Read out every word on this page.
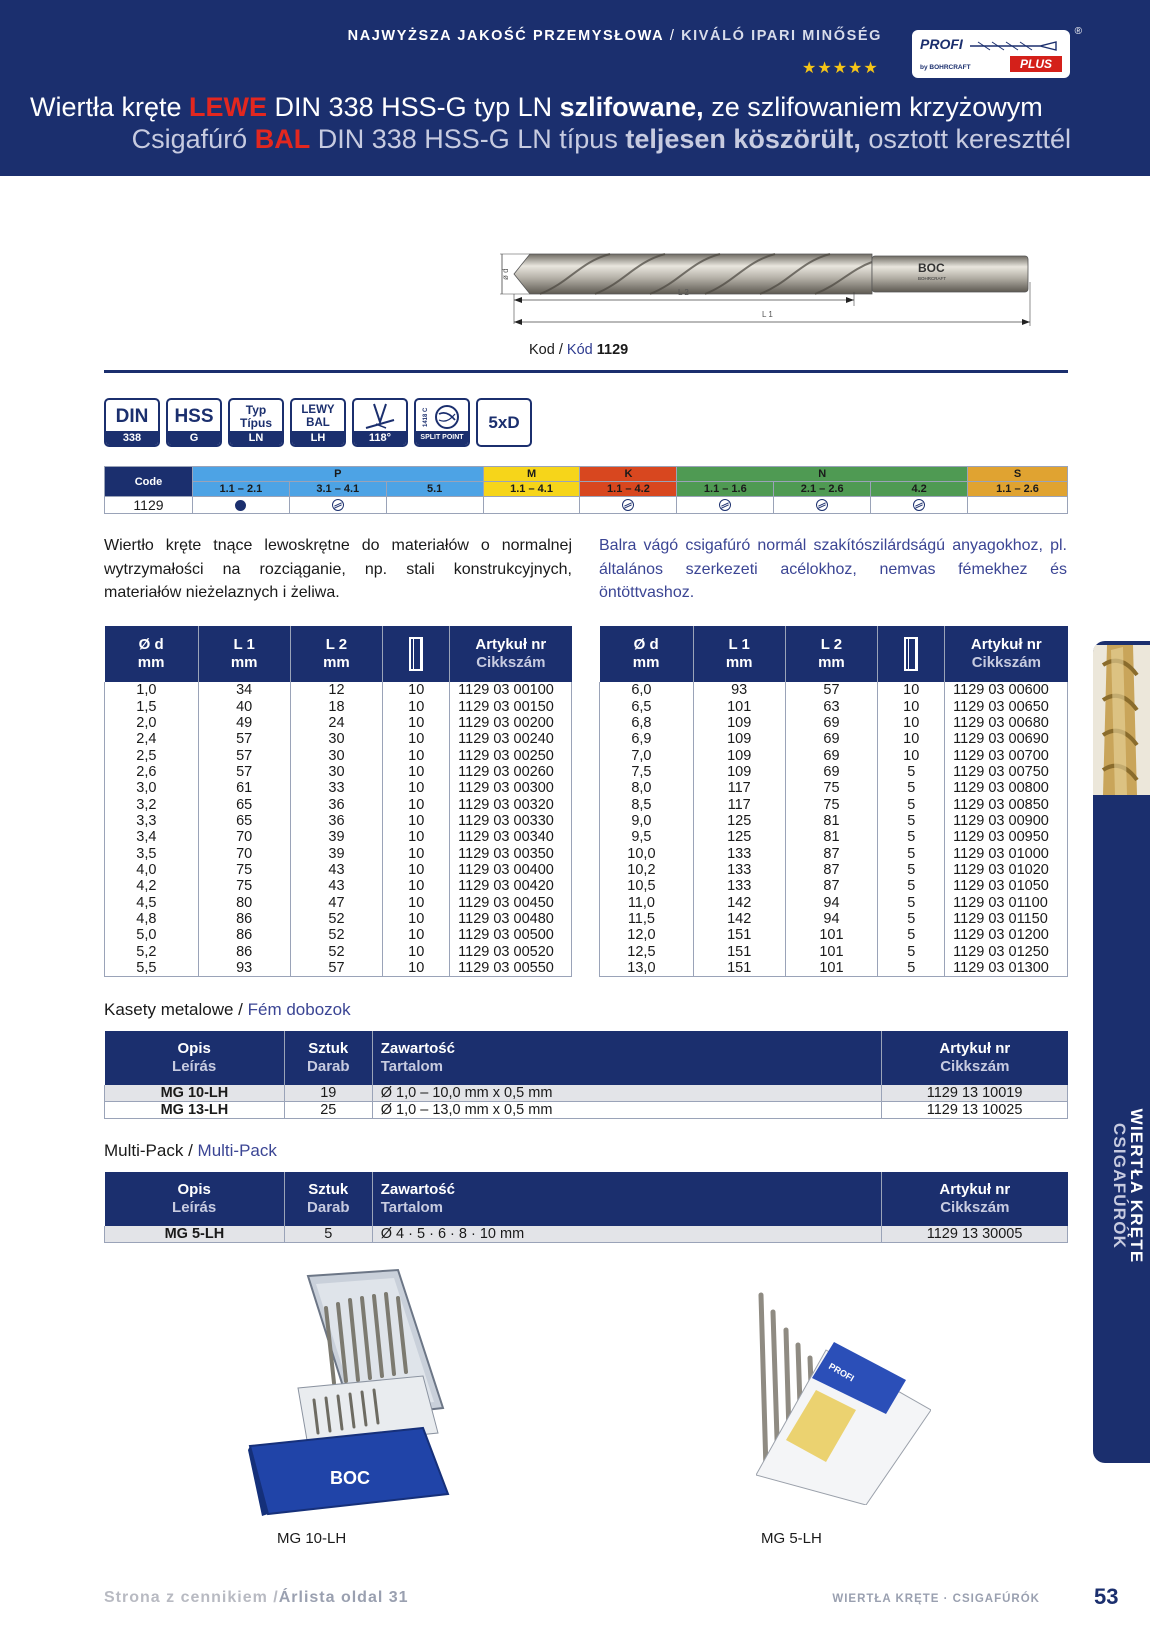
NAJWYŻSZA JAKOŚĆ PRZEMYSŁOWA / KIVÁLÓ IPARI MINŐSÉG
★★★★★
PROFI
by BOHRCRAFT	PLUS
®
Wiertła kręte LEWE DIN 338 HSS-G typ LN szlifowane, ze szlifowaniem krzyżowym
Csigafúró BAL DIN 338 HSS-G LN típus teljesen köszörült, osztott kereszttél
ø d	BOC
BOHRCRAFT
L 2
L 1
Kod / Kód 1129
DIN
338
HSS
G
Typ
Típus
LN
LEWY
BAL
LH	118°
1418 C
SPLIT POINT
5xD
Code	P			M	K	N			S
	1.1 – 2.1	3.1 – 4.1	5.1	1.1 – 4.1	1.1 – 4.2	1.1 – 1.6	2.1 – 2.6	4.2	1.1 – 2.6
1129									

Wiertło kręte tnące lewoskrętne do materiałów o normalnej wytrzymałości na rozciąganie, np. stali konstrukcyjnych, materiałów nieżelaznych i żeliwa.

Balra vágó csigafúró normál szakítószilárdságú anyagokhoz, pl. általános szerkezeti acélokhoz, nemvas fémekhez és öntöttvashoz.

Ø d
mm	L 1
mm	L 2
mm		Artykuł nr
Cikkszám
1,0	34	12	10	1129 03 00100
1,5	40	18	10	1129 03 00150
2,0	49	24	10	1129 03 00200
2,4	57	30	10	1129 03 00240
2,5	57	30	10	1129 03 00250
2,6	57	30	10	1129 03 00260
3,0	61	33	10	1129 03 00300
3,2	65	36	10	1129 03 00320
3,3	65	36	10	1129 03 00330
3,4	70	39	10	1129 03 00340
3,5	70	39	10	1129 03 00350
4,0	75	43	10	1129 03 00400
4,2	75	43	10	1129 03 00420
4,5	80	47	10	1129 03 00450
4,8	86	52	10	1129 03 00480
5,0	86	52	10	1129 03 00500
5,2	86	52	10	1129 03 00520
5,5	93	57	10	1129 03 00550
Ø d
mm	L 1
mm	L 2
mm		Artykuł nr
Cikkszám
6,0	93	57	10	1129 03 00600
6,5	101	63	10	1129 03 00650
6,8	109	69	10	1129 03 00680
6,9	109	69	10	1129 03 00690
7,0	109	69	10	1129 03 00700
7,5	109	69	5	1129 03 00750
8,0	117	75	5	1129 03 00800
8,5	117	75	5	1129 03 00850
9,0	125	81	5	1129 03 00900
9,5	125	81	5	1129 03 00950
10,0	133	87	5	1129 03 01000
10,2	133	87	5	1129 03 01020
10,5	133	87	5	1129 03 01050
11,0	142	94	5	1129 03 01100
11,5	142	94	5	1129 03 01150
12,0	151	101	5	1129 03 01200
12,5	151	101	5	1129 03 01250
13,0	151	101	5	1129 03 01300
Kasety metalowe / Fém dobozok
Opis
Leírás	Sztuk
Darab	Zawartość
Tartalom	Artykuł nr
Cikkszám
MG 10-LH	19	Ø 1,0 – 10,0 mm x 0,5 mm	1129 13 10019
MG 13-LH	25	Ø 1,0 – 13,0 mm x 0,5 mm	1129 13 10025
Multi-Pack / Multi-Pack
Opis
Leírás	Sztuk
Darab	Zawartość
Tartalom	Artykuł nr
Cikkszám
MG 5-LH	5	Ø 4 · 5 · 6 · 8 · 10 mm	1129 13 30005
BOC
PROFI
MG 10-LH	MG 5-LH
WIERTŁA KRĘTE
CSIGAFÚRÓK
Strona z cennikiem /Árlista oldal 31	WIERTŁA KRĘTE · CSIGAFÚRÓK 53
